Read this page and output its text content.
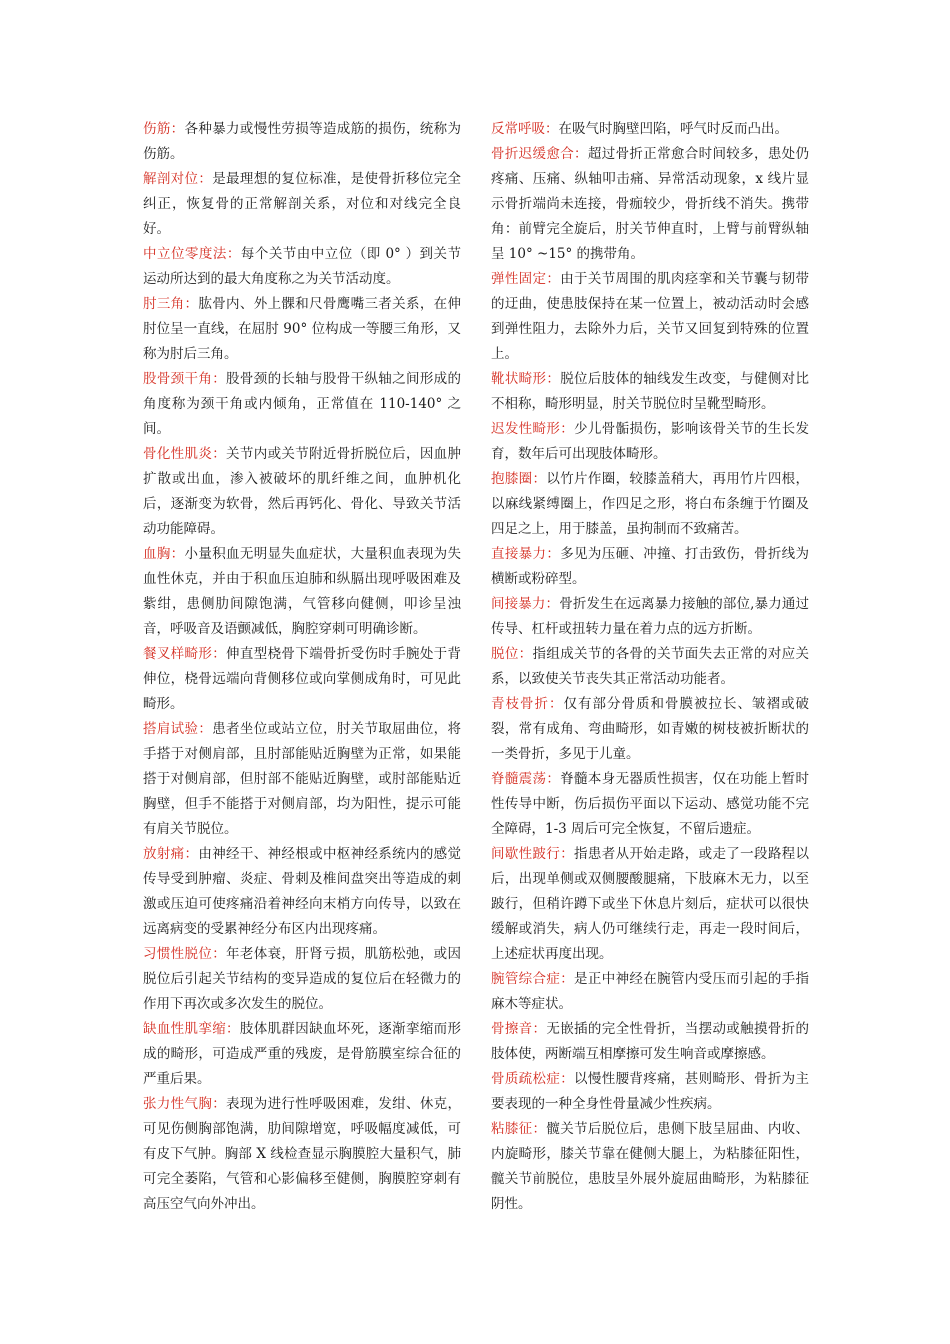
伤筋：各种暴力或慢性劳损等造成筋的损伤，统称为伤筋。

解剖对位：是最理想的复位标准，是使骨折移位完全纠正，恢复骨的正常解剖关系，对位和对线完全良好。

中立位零度法：每个关节由中立位（即 0° ）到关节运动所达到的最大角度称之为关节活动度。

肘三角：肱骨内、外上髁和尺骨鹰嘴三者关系，在伸肘位呈一直线，在屈肘 90° 位构成一等腰三角形，又称为肘后三角。

股骨颈干角：股骨颈的长轴与股骨干纵轴之间形成的角度称为颈干角或内倾角，正常值在 110-140° 之间。

骨化性肌炎：关节内或关节附近骨折脱位后，因血肿扩散或出血，渗入被破坏的肌纤维之间，血肿机化后，逐渐变为软骨，然后再钙化、骨化、导致关节活动功能障碍。

血胸：小量积血无明显失血症状，大量积血表现为失血性休克，并由于积血压迫肺和纵膈出现呼吸困难及紫绀，患侧肋间隙饱满，气管移向健侧，叩诊呈浊音，呼吸音及语颤减低，胸腔穿刺可明确诊断。

餐叉样畸形：伸直型桡骨下端骨折受伤时手腕处于背伸位，桡骨远端向背侧移位或向掌侧成角时，可见此畸形。

搭肩试验：患者坐位或站立位，肘关节取屈曲位，将手搭于对侧肩部，且肘部能贴近胸壁为正常，如果能搭于对侧肩部，但肘部不能贴近胸壁，或肘部能贴近胸壁，但手不能搭于对侧肩部，均为阳性，提示可能有肩关节脱位。

放射痛：由神经干、神经根或中枢神经系统内的感觉传导受到肿瘤、炎症、骨刺及椎间盘突出等造成的刺激或压迫可使疼痛沿着神经向末梢方向传导，以致在远离病变的受累神经分布区内出现疼痛。

习惯性脱位：年老体衰，肝肾亏损，肌筋松弛，或因脱位后引起关节结构的变异造成的复位后在轻微力的作用下再次或多次发生的脱位。

缺血性肌挛缩：肢体肌群因缺血坏死，逐渐挛缩而形成的畸形，可造成严重的残废，是骨筋膜室综合征的严重后果。

张力性气胸：表现为进行性呼吸困难，发绀、休克，可见伤侧胸部饱满，肋间隙增宽，呼吸幅度减低，可有皮下气肿。胸部 X 线检查显示胸膜腔大量积气，肺可完全萎陷，气管和心影偏移至健侧，胸膜腔穿刺有高压空气向外冲出。

反常呼吸：在吸气时胸壁凹陷，呼气时反而凸出。

骨折迟缓愈合：超过骨折正常愈合时间较多，患处仍疼痛、压痛、纵轴叩击痛、异常活动现象，x 线片显示骨折端尚未连接，骨痂较少，骨折线不消失。携带角：前臂完全旋后，肘关节伸直时，上臂与前臂纵轴呈 10° ~15° 的携带角。

弹性固定：由于关节周围的肌肉痉挛和关节囊与韧带的迂曲，使患肢保持在某一位置上，被动活动时会感到弹性阻力，去除外力后，关节又回复到特殊的位置上。

靴状畸形：脱位后肢体的轴线发生改变，与健侧对比不相称，畸形明显，肘关节脱位时呈靴型畸形。

迟发性畸形：少儿骨骺损伤，影响该骨关节的生长发育，数年后可出现肢体畸形。

抱膝圈：以竹片作圈，较膝盖稍大，再用竹片四根，以麻线紧缚圈上，作四足之形，将白布条缠于竹圈及四足之上，用于膝盖，虽拘制而不致痛苦。

直接暴力：多见为压砸、冲撞、打击致伤，骨折线为横断或粉碎型。

间接暴力：骨折发生在远离暴力接触的部位,暴力通过传导、杠杆或扭转力量在着力点的远方折断。

脱位：指组成关节的各骨的关节面失去正常的对应关系，以致使关节丧失其正常活动功能者。

青枝骨折：仅有部分骨质和骨膜被拉长、皱褶或破裂，常有成角、弯曲畸形，如青嫩的树枝被折断状的一类骨折，多见于儿童。

脊髓震荡：脊髓本身无器质性损害，仅在功能上暂时性传导中断，伤后损伤平面以下运动、感觉功能不完全障碍，1-3 周后可完全恢复，不留后遗症。

间歇性跛行：指患者从开始走路，或走了一段路程以后，出现单侧或双侧腰酸腿痛，下肢麻木无力，以至跛行，但稍许蹲下或坐下休息片刻后，症状可以很快缓解或消失，病人仍可继续行走，再走一段时间后，上述症状再度出现。

腕管综合症：是正中神经在腕管内受压而引起的手指麻木等症状。

骨擦音：无嵌插的完全性骨折，当摆动或触摸骨折的肢体使，两断端互相摩擦可发生响音或摩擦感。

骨质疏松症：以慢性腰背疼痛，甚则畸形、骨折为主要表现的一种全身性骨量减少性疾病。

粘膝征：髋关节后脱位后，患侧下肢呈屈曲、内收、内旋畸形，膝关节靠在健侧大腿上，为粘膝征阳性，髋关节前脱位，患肢呈外展外旋屈曲畸形，为粘膝征阴性。
